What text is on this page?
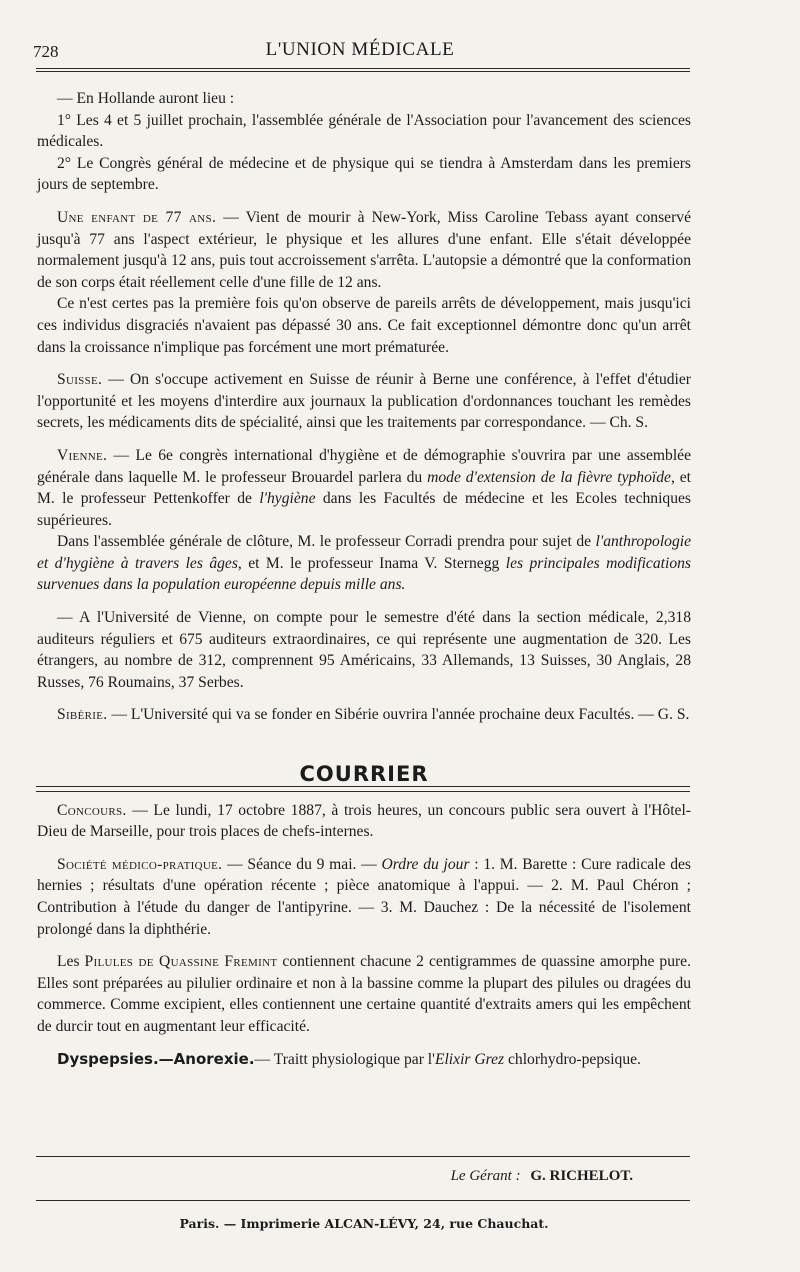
728	L'UNION MÉDICALE

— En Hollande auront lieu :

1° Les 4 et 5 juillet prochain, l'assemblée générale de l'Association pour l'avancement des sciences médicales.

2° Le Congrès général de médecine et de physique qui se tiendra à Amsterdam dans les premiers jours de septembre.

Une enfant de 77 ans. — Vient de mourir à New-York, Miss Caroline Tebass ayant conservé jusqu'à 77 ans l'aspect extérieur, le physique et les allures d'une enfant. Elle s'était développée normalement jusqu'à 12 ans, puis tout accroissement s'arrêta. L'autopsie a démontré que la conformation de son corps était réellement celle d'une fille de 12 ans.

Ce n'est certes pas la première fois qu'on observe de pareils arrêts de développement, mais jusqu'ici ces individus disgraciés n'avaient pas dépassé 30 ans. Ce fait exceptionnel démontre donc qu'un arrêt dans la croissance n'implique pas forcément une mort prématurée.

Suisse. — On s'occupe activement en Suisse de réunir à Berne une conférence, à l'effet d'étudier l'opportunité et les moyens d'interdire aux journaux la publication d'ordonnances touchant les remèdes secrets, les médicaments dits de spécialité, ainsi que les traitements par correspondance. — Ch. S.

Vienne. — Le 6e congrès international d'hygiène et de démographie s'ouvrira par une assemblée générale dans laquelle M. le professeur Brouardel parlera du mode d'extension de la fièvre typhoïde, et M. le professeur Pettenkoffer de l'hygiène dans les Facultés de médecine et les Ecoles techniques supérieures.

Dans l'assemblée générale de clôture, M. le professeur Corradi prendra pour sujet de l'anthropologie et d'hygiène à travers les âges, et M. le professeur Inama V. Sternegg les principales modifications survenues dans la population européenne depuis mille ans.

— A l'Université de Vienne, on compte pour le semestre d'été dans la section médicale, 2,318 auditeurs réguliers et 675 auditeurs extraordinaires, ce qui représente une augmentation de 320. Les étrangers, au nombre de 312, comprennent 95 Américains, 33 Allemands, 13 Suisses, 30 Anglais, 28 Russes, 76 Roumains, 37 Serbes.

Sibérie. — L'Université qui va se fonder en Sibérie ouvrira l'année prochaine deux Facultés. — G. S.

COURRIER

Concours. — Le lundi, 17 octobre 1887, à trois heures, un concours public sera ouvert à l'Hôtel-Dieu de Marseille, pour trois places de chefs-internes.

Société médico-pratique. — Séance du 9 mai. — Ordre du jour : 1. M. Barette : Cure radicale des hernies ; résultats d'une opération récente ; pièce anatomique à l'appui. — 2. M. Paul Chéron ; Contribution à l'étude du danger de l'antipyrine. — 3. M. Dauchez : De la nécessité de l'isolement prolongé dans la diphthérie.

Les Pilules de Quassine Fremint contiennent chacune 2 centigrammes de quassine amorphe pure. Elles sont préparées au pilulier ordinaire et non à la bassine comme la plupart des pilules ou dragées du commerce. Comme excipient, elles contiennent une certaine quantité d'extraits amers qui les empêchent de durcir tout en augmentant leur efficacité.

Dyspepsies.—Anorexie.— Traitt physiologique par l'Elixir Grez chlorhydro-pepsique.

Le Gérant : G. RICHELOT.
Paris. — Imprimerie ALCAN-LÉVY, 24, rue Chauchat.
